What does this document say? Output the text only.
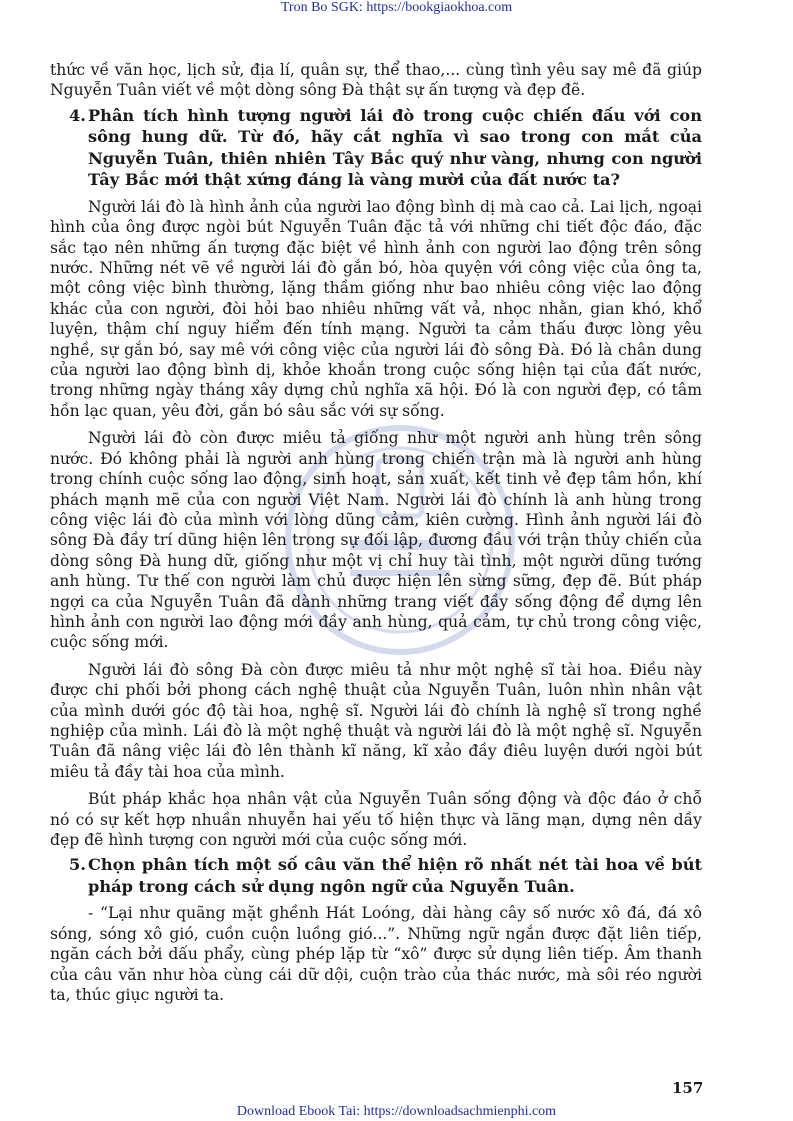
Tron Bo SGK: https://bookgiaokhoa.com

thức về văn học, lịch sử, địa lí, quân sự, thể thao,... cùng tình yêu say mê đã giúp Nguyễn Tuân viết về một dòng sông Đà thật sự ấn tượng và đẹp đẽ.

4. Phân tích hình tượng người lái đò trong cuộc chiến đấu với con sông hung dữ. Từ đó, hãy cắt nghĩa vì sao trong con mắt của Nguyễn Tuân, thiên nhiên Tây Bắc quý như vàng, nhưng con người Tây Bắc mới thật xứng đáng là vàng mười của đất nước ta?

Người lái đò là hình ảnh của người lao động bình dị mà cao cả. Lai lịch, ngoại hình của ông được ngòi bút Nguyễn Tuân đặc tả với những chi tiết độc đáo, đặc sắc tạo nên những ấn tượng đặc biệt về hình ảnh con người lao động trên sông nước. Những nét vẽ về người lái đò gắn bó, hòa quyện với công việc của ông ta, một công việc bình thường, lặng thầm giống như bao nhiêu công việc lao động khác của con người, đòi hỏi bao nhiêu những vất vả, nhọc nhằn, gian khó, khổ luyện, thậm chí nguy hiểm đến tính mạng. Người ta cảm thấu được lòng yêu nghề, sự gắn bó, say mê với công việc của người lái đò sông Đà. Đó là chân dung của người lao động bình dị, khỏe khoắn trong cuộc sống hiện tại của đất nước, trong những ngày tháng xây dựng chủ nghĩa xã hội. Đó là con người đẹp, có tâm hồn lạc quan, yêu đời, gắn bó sâu sắc với sự sống.

Người lái đò còn được miêu tả giống như một người anh hùng trên sông nước. Đó không phải là người anh hùng trong chiến trận mà là người anh hùng trong chính cuộc sống lao động, sinh hoạt, sản xuất, kết tinh vẻ đẹp tâm hồn, khí phách mạnh mẽ của con người Việt Nam. Người lái đò chính là anh hùng trong công việc lái đò của mình với lòng dũng cảm, kiên cường. Hình ảnh người lái đò sông Đà đầy trí dũng hiện lên trong sự đối lập, đương đầu với trận thủy chiến của dòng sông Đà hung dữ, giống như một vị chỉ huy tài tình, một người dũng tướng anh hùng. Tư thế con người làm chủ được hiện lên sừng sững, đẹp đẽ. Bút pháp ngợi ca của Nguyễn Tuân đã dành những trang viết đầy sống động để dựng lên hình ảnh con người lao động mới đầy anh hùng, quả cảm, tự chủ trong công việc, cuộc sống mới.

Người lái đò sông Đà còn được miêu tả như một nghệ sĩ tài hoa. Điều này được chi phối bởi phong cách nghệ thuật của Nguyễn Tuân, luôn nhìn nhân vật của mình dưới góc độ tài hoa, nghệ sĩ. Người lái đò chính là nghệ sĩ trong nghề nghiệp của mình. Lái đò là một nghệ thuật và người lái đò là một nghệ sĩ. Nguyễn Tuân đã nâng việc lái đò lên thành kĩ năng, kĩ xảo đầy điêu luyện dưới ngòi bút miêu tả đầy tài hoa của mình.

Bút pháp khắc họa nhân vật của Nguyễn Tuân sống động và độc đáo ở chỗ nó có sự kết hợp nhuần nhuyễn hai yếu tố hiện thực và lãng mạn, dựng nên dầy đẹp đẽ hình tượng con người mới của cuộc sống mới.

5. Chọn phân tích một số câu văn thể hiện rõ nhất nét tài hoa về bút pháp trong cách sử dụng ngôn ngữ của Nguyễn Tuân.

- “Lại như quãng mặt ghềnh Hát Loóng, dài hàng cây số nước xô đá, đá xô sóng, sóng xô gió, cuồn cuộn luồng gió...”. Những ngữ ngắn được đặt liên tiếp, ngăn cách bởi dấu phẩy, cùng phép lặp từ “xô” được sử dụng liên tiếp. Âm thanh của câu văn như hòa cùng cái dữ dội, cuộn trào của thác nước, mà sôi réo người ta, thúc giục người ta.

157
Download Ebook Tai: https://downloadsachmienphi.com
